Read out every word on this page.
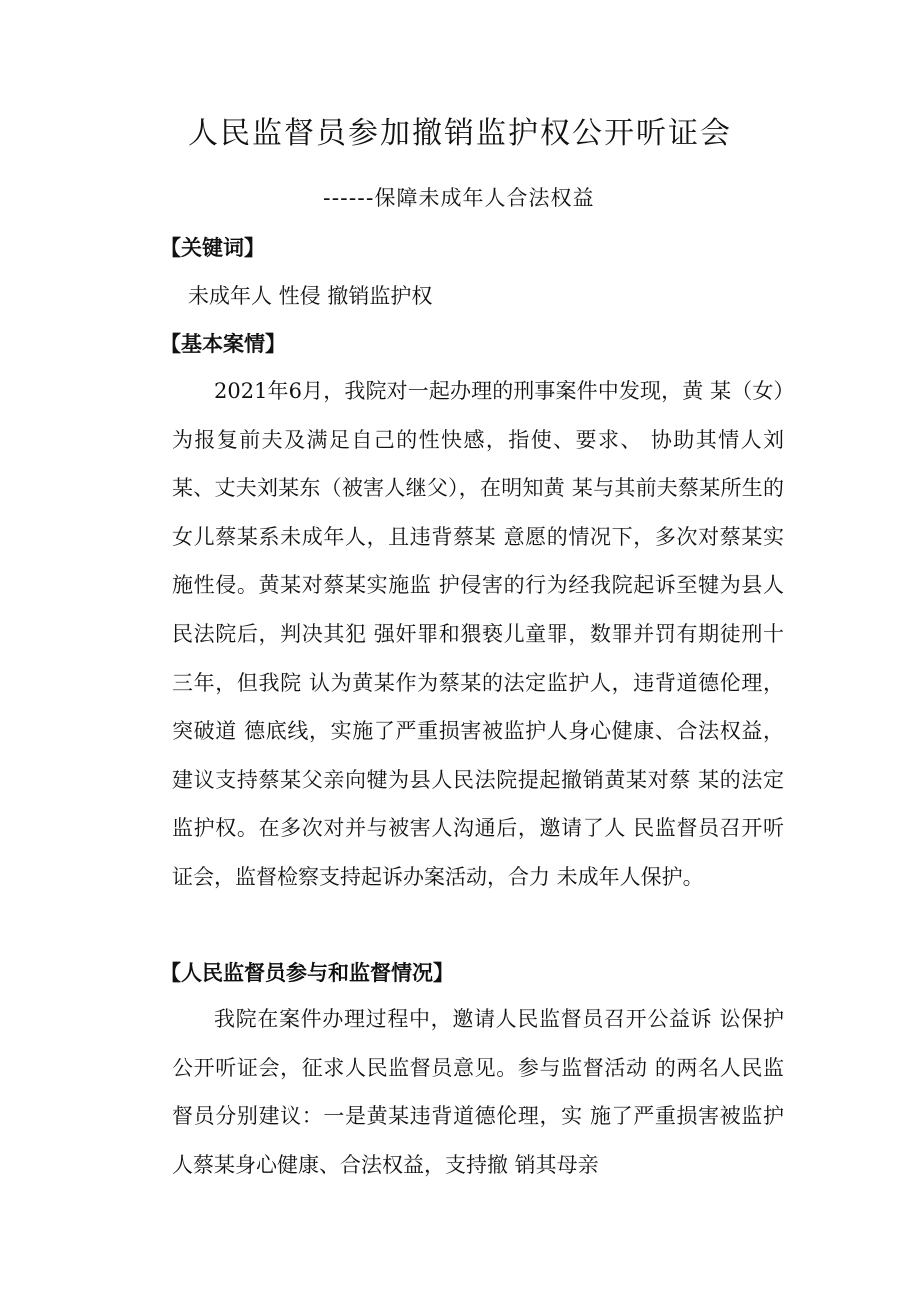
人民监督员参加撤销监护权公开听证会
------保障未成年人合法权益
【关键词】
未成年人 性侵 撤销监护权
【基本案情】

2021年6月，我院对一起办理的刑事案件中发现，黄 某（女）为报复前夫及满足自己的性快感，指使、要求、 协助其情人刘某、丈夫刘某东（被害人继父），在明知黄 某与其前夫蔡某所生的女儿蔡某系未成年人，且违背蔡某 意愿的情况下，多次对蔡某实施性侵。黄某对蔡某实施监 护侵害的行为经我院起诉至犍为县人民法院后，判决其犯 强奸罪和猥亵儿童罪，数罪并罚有期徒刑十三年，但我院 认为黄某作为蔡某的法定监护人，违背道德伦理，突破道 德底线，实施了严重损害被监护人身心健康、合法权益， 建议支持蔡某父亲向犍为县人民法院提起撤销黄某对蔡 某的法定监护权。在多次对并与被害人沟通后，邀请了人 民监督员召开听证会，监督检察支持起诉办案活动，合力 未成年人保护。

【人民监督员参与和监督情况】

我院在案件办理过程中，邀请人民监督员召开公益诉 讼保护公开听证会，征求人民监督员意见。参与监督活动 的两名人民监督员分别建议：一是黄某违背道德伦理，实 施了严重损害被监护人蔡某身心健康、合法权益，支持撤 销其母亲
